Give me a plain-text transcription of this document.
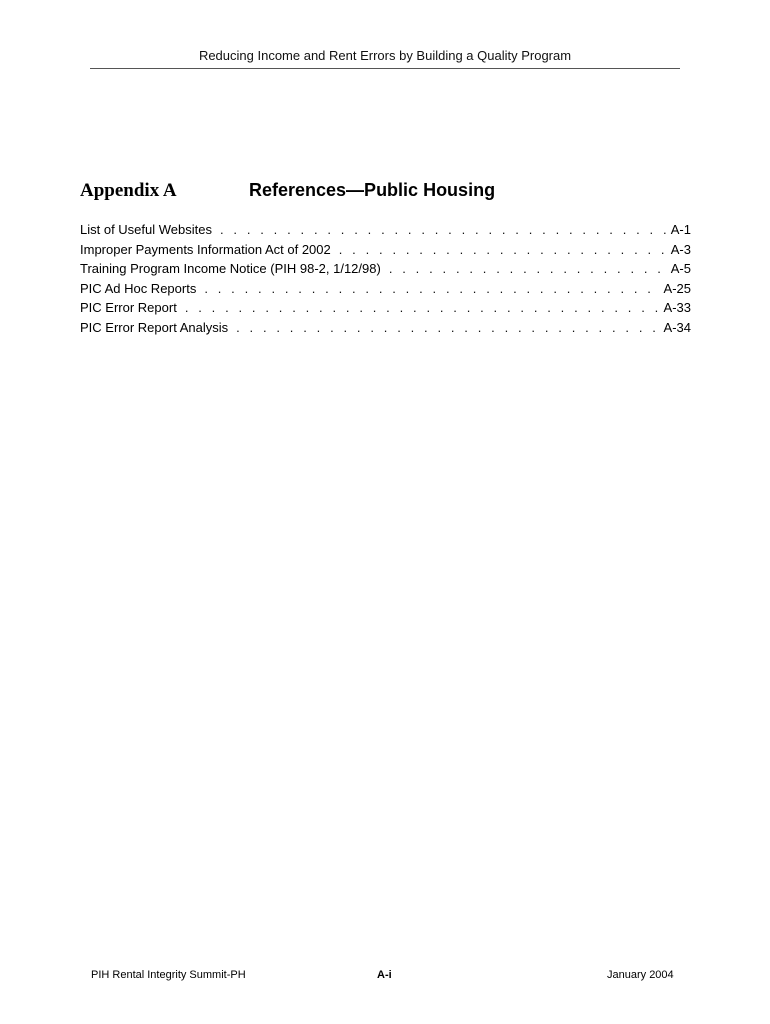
Reducing Income and Rent Errors by Building a Quality Program
Appendix A	References—Public Housing
List of Useful Websites . . .	A-1
Improper Payments Information Act of 2002 . . .	A-3
Training Program Income Notice (PIH 98-2, 1/12/98) . . .	A-5
PIC Ad Hoc Reports . . .	A-25
PIC Error Report . . .	A-33
PIC Error Report Analysis . . .	A-34
PIH Rental Integrity Summit-PH	A-i	January 2004
